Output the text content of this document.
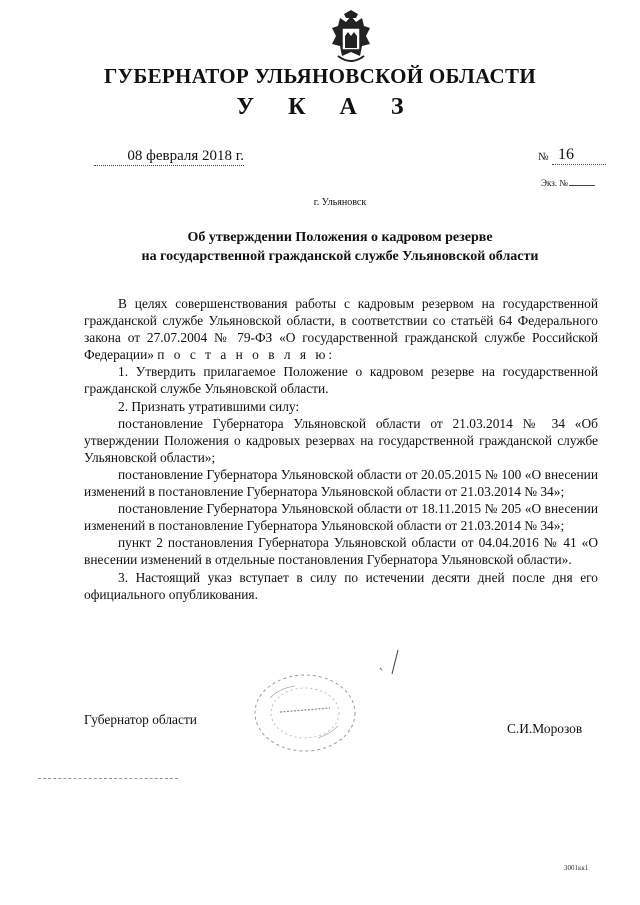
ГУБЕРНАТОР УЛЬЯНОВСКОЙ ОБЛАСТИ
У К А З
08 февраля 2018 г.	№ 16
Экз. №
г. Ульяновск
Об утверждении Положения о кадровом резерве
на государственной гражданской службе Ульяновской области

В целях совершенствования работы с кадровым резервом на государственной гражданской службе Ульяновской области, в соответствии со статьёй 64 Федерального закона от 27.07.2004 № 79-ФЗ «О государственной гражданской службе Российской Федерации» п о с т а н о в л я ю:

1. Утвердить прилагаемое Положение о кадровом резерве на государственной гражданской службе Ульяновской области.

2. Признать утратившими силу:

постановление Губернатора Ульяновской области от 21.03.2014 № 34 «Об утверждении Положения о кадровых резервах на государственной гражданской службе Ульяновской области»;

постановление Губернатора Ульяновской области от 20.05.2015 № 100 «О внесении изменений в постановление Губернатора Ульяновской области от 21.03.2014 № 34»;

постановление Губернатора Ульяновской области от 18.11.2015 № 205 «О внесении изменений в постановление Губернатора Ульяновской области от 21.03.2014 № 34»;

пункт 2 постановления Губернатора Ульяновской области от 04.04.2016 № 41 «О внесении изменений в отдельные постановления Губернатора Ульяновской области».

3. Настоящий указ вступает в силу по истечении десяти дней после дня его официального опубликования.

Губернатор области
С.И.Морозов
3001кк1
